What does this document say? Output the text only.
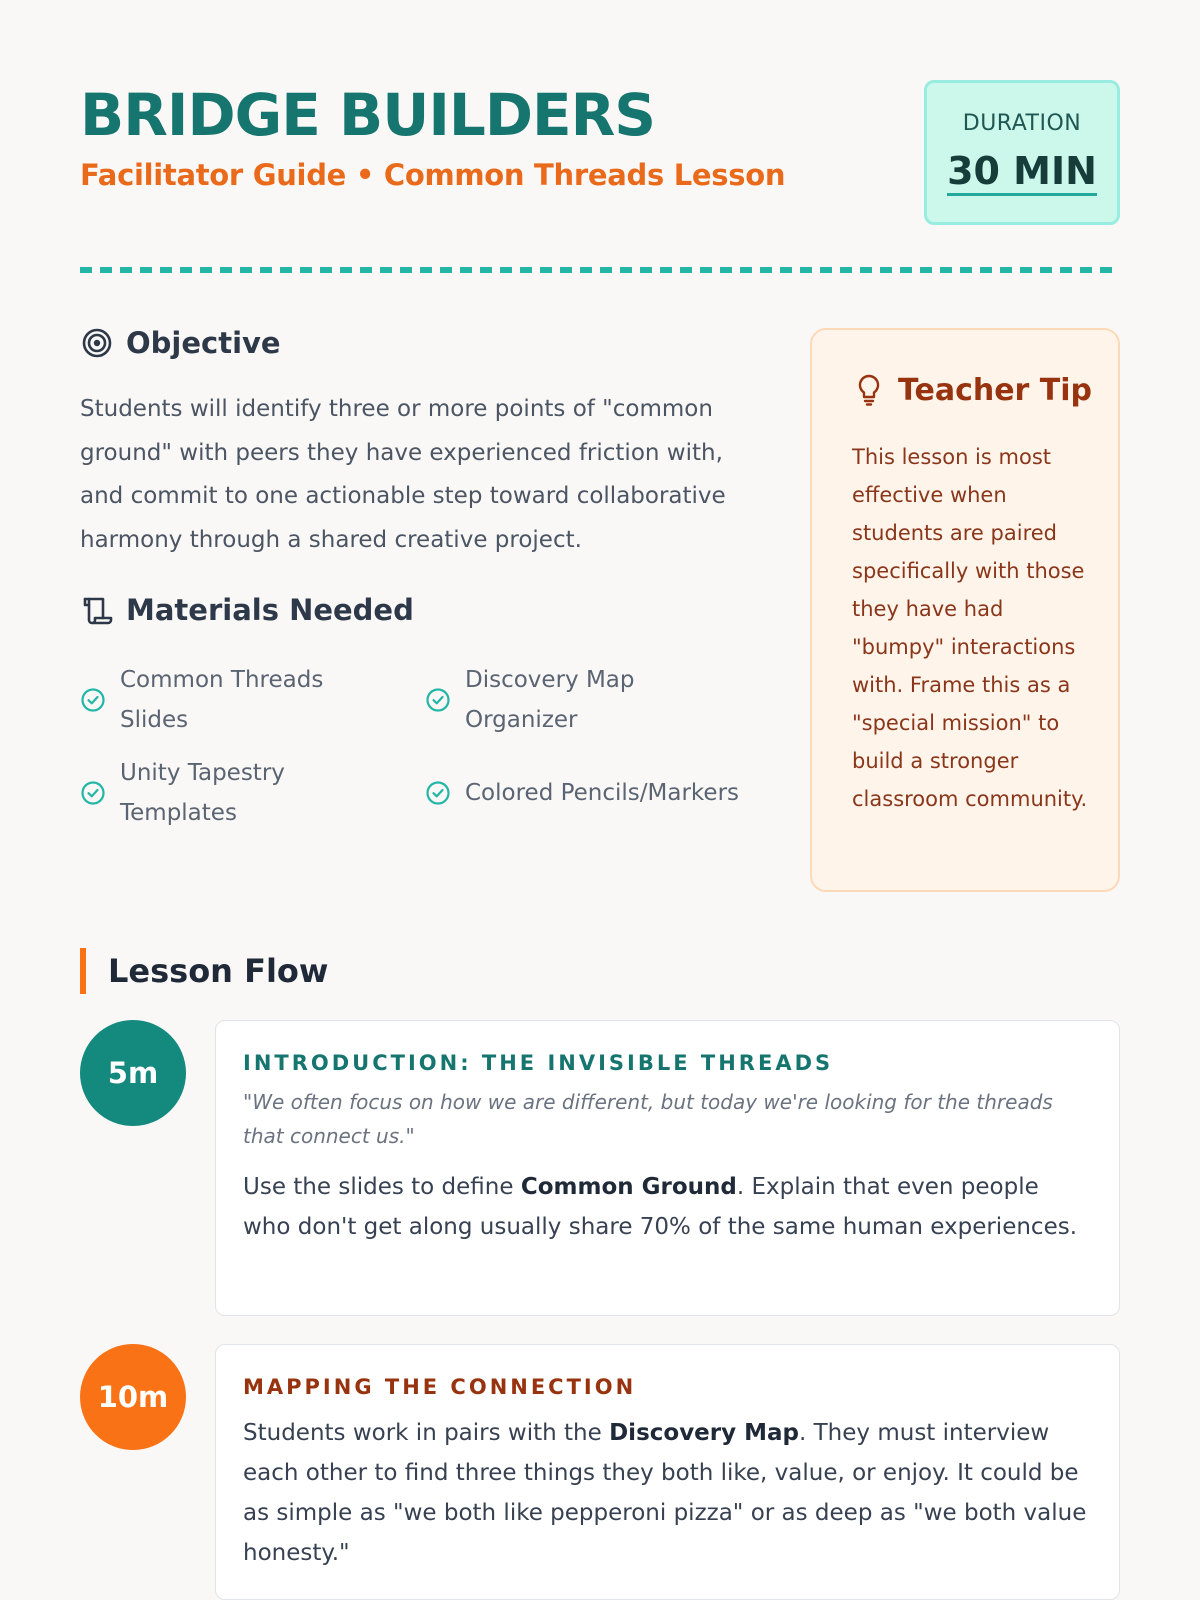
BRIDGE BUILDERS
Facilitator Guide • Common Threads Lesson
DURATION
30 MIN
Objective

Students will identify three or more points of "common ground" with peers they have experienced friction with, and commit to one actionable step toward collaborative harmony through a shared creative project.

Materials Needed
Common Threads Slides
Discovery Map Organizer
Unity Tapestry Templates
Colored Pencils/Markers
Teacher Tip

This lesson is most effective when students are paired specifically with those they have had "bumpy" interactions with. Frame this as a "special mission" to build a stronger classroom community.

Lesson Flow
5m	INTRODUCTION: THE INVISIBLE THREADS

"We often focus on how we are different, but today we're looking for the threads that connect us."

Use the slides to define Common Ground. Explain that even people who don't get along usually share 70% of the same human experiences.

10m	MAPPING THE CONNECTION

Students work in pairs with the Discovery Map. They must interview each other to find three things they both like, value, or enjoy. It could be as simple as "we both like pepperoni pizza" or as deep as "we both value honesty."
